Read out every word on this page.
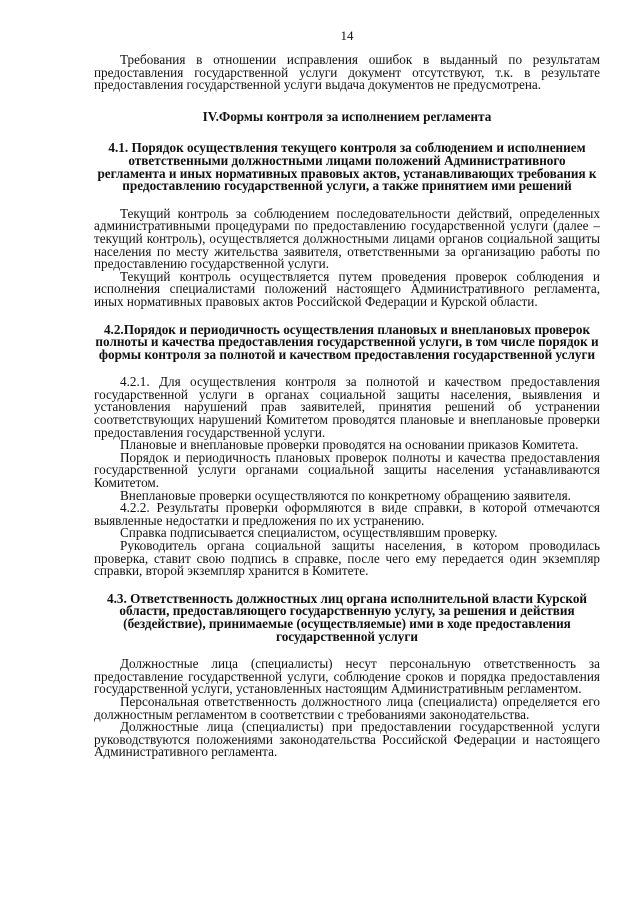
14

Требования в отношении исправления ошибок в выданный по результатам предоставления государственной услуги документ отсутствуют, т.к. в результате предоставления государственной услуги выдача документов не предусмотрена.

IV.Формы контроля за исполнением регламента
4.1. Порядок осуществления текущего контроля за соблюдением и исполнением ответственными должностными лицами положений Административного регламента и иных нормативных правовых актов, устанавливающих требования к предоставлению государственной услуги, а также принятием ими решений

Текущий контроль за соблюдением последовательности действий, определенных административными процедурами по предоставлению государственной услуги (далее – текущий контроль), осуществляется должностными лицами органов социальной защиты населения по месту жительства заявителя, ответственными за организацию работы по предоставлению государственной услуги.

Текущий контроль осуществляется путем проведения проверок соблюдения и исполнения специалистами положений настоящего Административного регламента, иных нормативных правовых актов Российской Федерации и Курской области.

4.2.Порядок и периодичность осуществления плановых и внеплановых проверок полноты и качества предоставления государственной услуги, в том числе порядок и формы контроля за полнотой и качеством предоставления государственной услуги

4.2.1. Для осуществления контроля за полнотой и качеством предоставления государственной услуги в органах социальной защиты населения, выявления и установления нарушений прав заявителей, принятия решений об устранении соответствующих нарушений Комитетом проводятся плановые и внеплановые проверки предоставления государственной услуги.

Плановые и внеплановые проверки проводятся на основании приказов Комитета.

Порядок и периодичность плановых проверок полноты и качества предоставления государственной услуги органами социальной защиты населения устанавливаются Комитетом.

Внеплановые проверки осуществляются по конкретному обращению заявителя.

4.2.2. Результаты проверки оформляются в виде справки, в которой отмечаются выявленные недостатки и предложения по их устранению.

Справка подписывается специалистом, осуществлявшим проверку.

Руководитель органа социальной защиты населения, в котором проводилась проверка, ставит свою подпись в справке, после чего ему передается один экземпляр справки, второй экземпляр хранится в Комитете.

4.3. Ответственность должностных лиц органа исполнительной власти Курской области, предоставляющего государственную услугу, за решения и действия (бездействие), принимаемые (осуществляемые) ими в ходе предоставления государственной услуги

Должностные лица (специалисты) несут персональную ответственность за предоставление государственной услуги, соблюдение сроков и порядка предоставления государственной услуги, установленных настоящим Административным регламентом.

Персональная ответственность должностного лица (специалиста) определяется его должностным регламентом в соответствии с требованиями законодательства.

Должностные лица (специалисты) при предоставлении государственной услуги руководствуются положениями законодательства Российской Федерации и настоящего Административного регламента.
